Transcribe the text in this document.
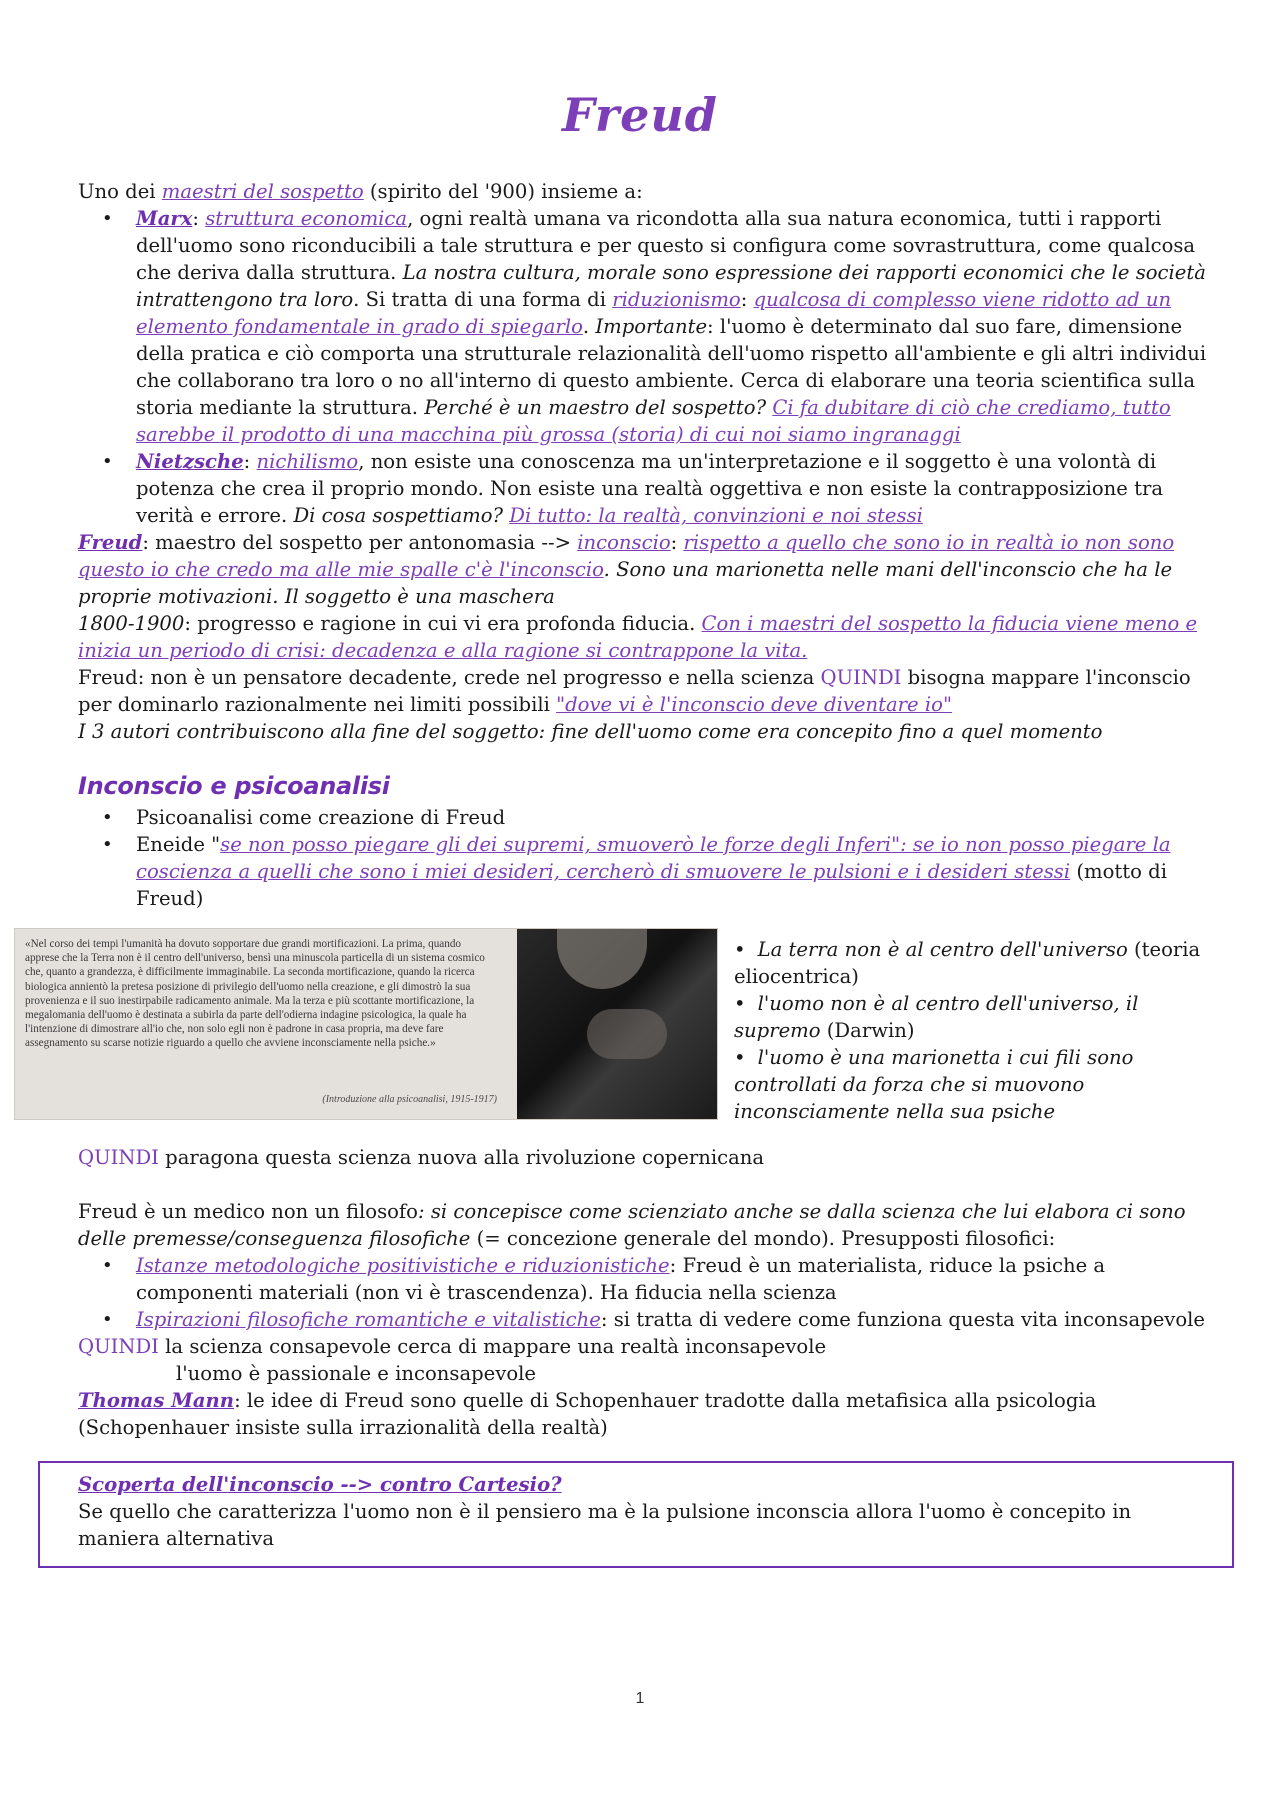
Freud

Uno dei maestri del sospetto (spirito del '900) insieme a:

• Marx: struttura economica, ogni realtà umana va ricondotta alla sua natura economica, tutti i rapporti dell'uomo sono riconducibili a tale struttura e per questo si configura come sovrastruttura, come qualcosa che deriva dalla struttura. La nostra cultura, morale sono espressione dei rapporti economici che le società intrattengono tra loro. Si tratta di una forma di riduzionismo: qualcosa di complesso viene ridotto ad un elemento fondamentale in grado di spiegarlo. Importante: l'uomo è determinato dal suo fare, dimensione della pratica e ciò comporta una strutturale relazionalità dell'uomo rispetto all'ambiente e gli altri individui che collaborano tra loro o no all'interno di questo ambiente. Cerca di elaborare una teoria scientifica sulla storia mediante la struttura. Perché è un maestro del sospetto? Ci fa dubitare di ciò che crediamo, tutto sarebbe il prodotto di una macchina più grossa (storia) di cui noi siamo ingranaggi
• Nietzsche: nichilismo, non esiste una conoscenza ma un'interpretazione e il soggetto è una volontà di potenza che crea il proprio mondo. Non esiste una realtà oggettiva e non esiste la contrapposizione tra verità e errore. Di cosa sospettiamo? Di tutto: la realtà, convinzioni e noi stessi

Freud: maestro del sospetto per antonomasia --> inconscio: rispetto a quello che sono io in realtà io non sono questo io che credo ma alle mie spalle c'è l'inconscio. Sono una marionetta nelle mani dell'inconscio che ha le proprie motivazioni. Il soggetto è una maschera

1800-1900: progresso e ragione in cui vi era profonda fiducia. Con i maestri del sospetto la fiducia viene meno e inizia un periodo di crisi: decadenza e alla ragione si contrappone la vita.

Freud: non è un pensatore decadente, crede nel progresso e nella scienza QUINDI bisogna mappare l'inconscio per dominarlo razionalmente nei limiti possibili "dove vi è l'inconscio deve diventare io"

I 3 autori contribuiscono alla fine del soggetto: fine dell'uomo come era concepito fino a quel momento

Inconscio e psicoanalisi
• Psicoanalisi come creazione di Freud
• Eneide "se non posso piegare gli dei supremi, smuoverò le forze degli Inferi": se io non posso piegare la coscienza a quelli che sono i miei desideri, cercherò di smuovere le pulsioni e i desideri stessi (motto di Freud)
«Nel corso dei tempi l'umanità ha dovuto sopportare due grandi mortificazioni. La prima, quando apprese che la Terra non è il centro dell'universo, bensì una minuscola particella di un sistema cosmico che, quanto a grandezza, è difficilmente immaginabile. La seconda mortificazione, quando la ricerca biologica annientò la pretesa posizione di privilegio dell'uomo nella creazione, e gli dimostrò la sua provenienza e il suo inestirpabile radicamento animale. Ma la terza e più scottante mortificazione, la megalomania dell'uomo è destinata a subirla da parte dell'odierna indagine psicologica, la quale ha l'intenzione di dimostrare all'io che, non solo egli non è padrone in casa propria, ma deve fare assegnamento su scarse notizie riguardo a quello che avviene inconsciamente nella psiche.»
(Introduzione alla psicoanalisi, 1915-1917)
• La terra non è al centro dell'universo (teoria eliocentrica)
• l'uomo non è al centro dell'universo, il supremo (Darwin)
• l'uomo è una marionetta i cui fili sono controllati da forza che si muovono inconsciamente nella sua psiche

QUINDI paragona questa scienza nuova alla rivoluzione copernicana

Freud è un medico non un filosofo: si concepisce come scienziato anche se dalla scienza che lui elabora ci sono delle premesse/conseguenza filosofiche (= concezione generale del mondo). Presupposti filosofici:

• Istanze metodologiche positivistiche e riduzionistiche: Freud è un materialista, riduce la psiche a componenti materiali (non vi è trascendenza). Ha fiducia nella scienza
• Ispirazioni filosofiche romantiche e vitalistiche: si tratta di vedere come funziona questa vita inconsapevole

QUINDI la scienza consapevole cerca di mappare una realtà inconsapevole

l'uomo è passionale e inconsapevole

Thomas Mann: le idee di Freud sono quelle di Schopenhauer tradotte dalla metafisica alla psicologia (Schopenhauer insiste sulla irrazionalità della realtà)

Scoperta dell'inconscio --> contro Cartesio?

Se quello che caratterizza l'uomo non è il pensiero ma è la pulsione inconscia allora l'uomo è concepito in maniera alternativa

1
